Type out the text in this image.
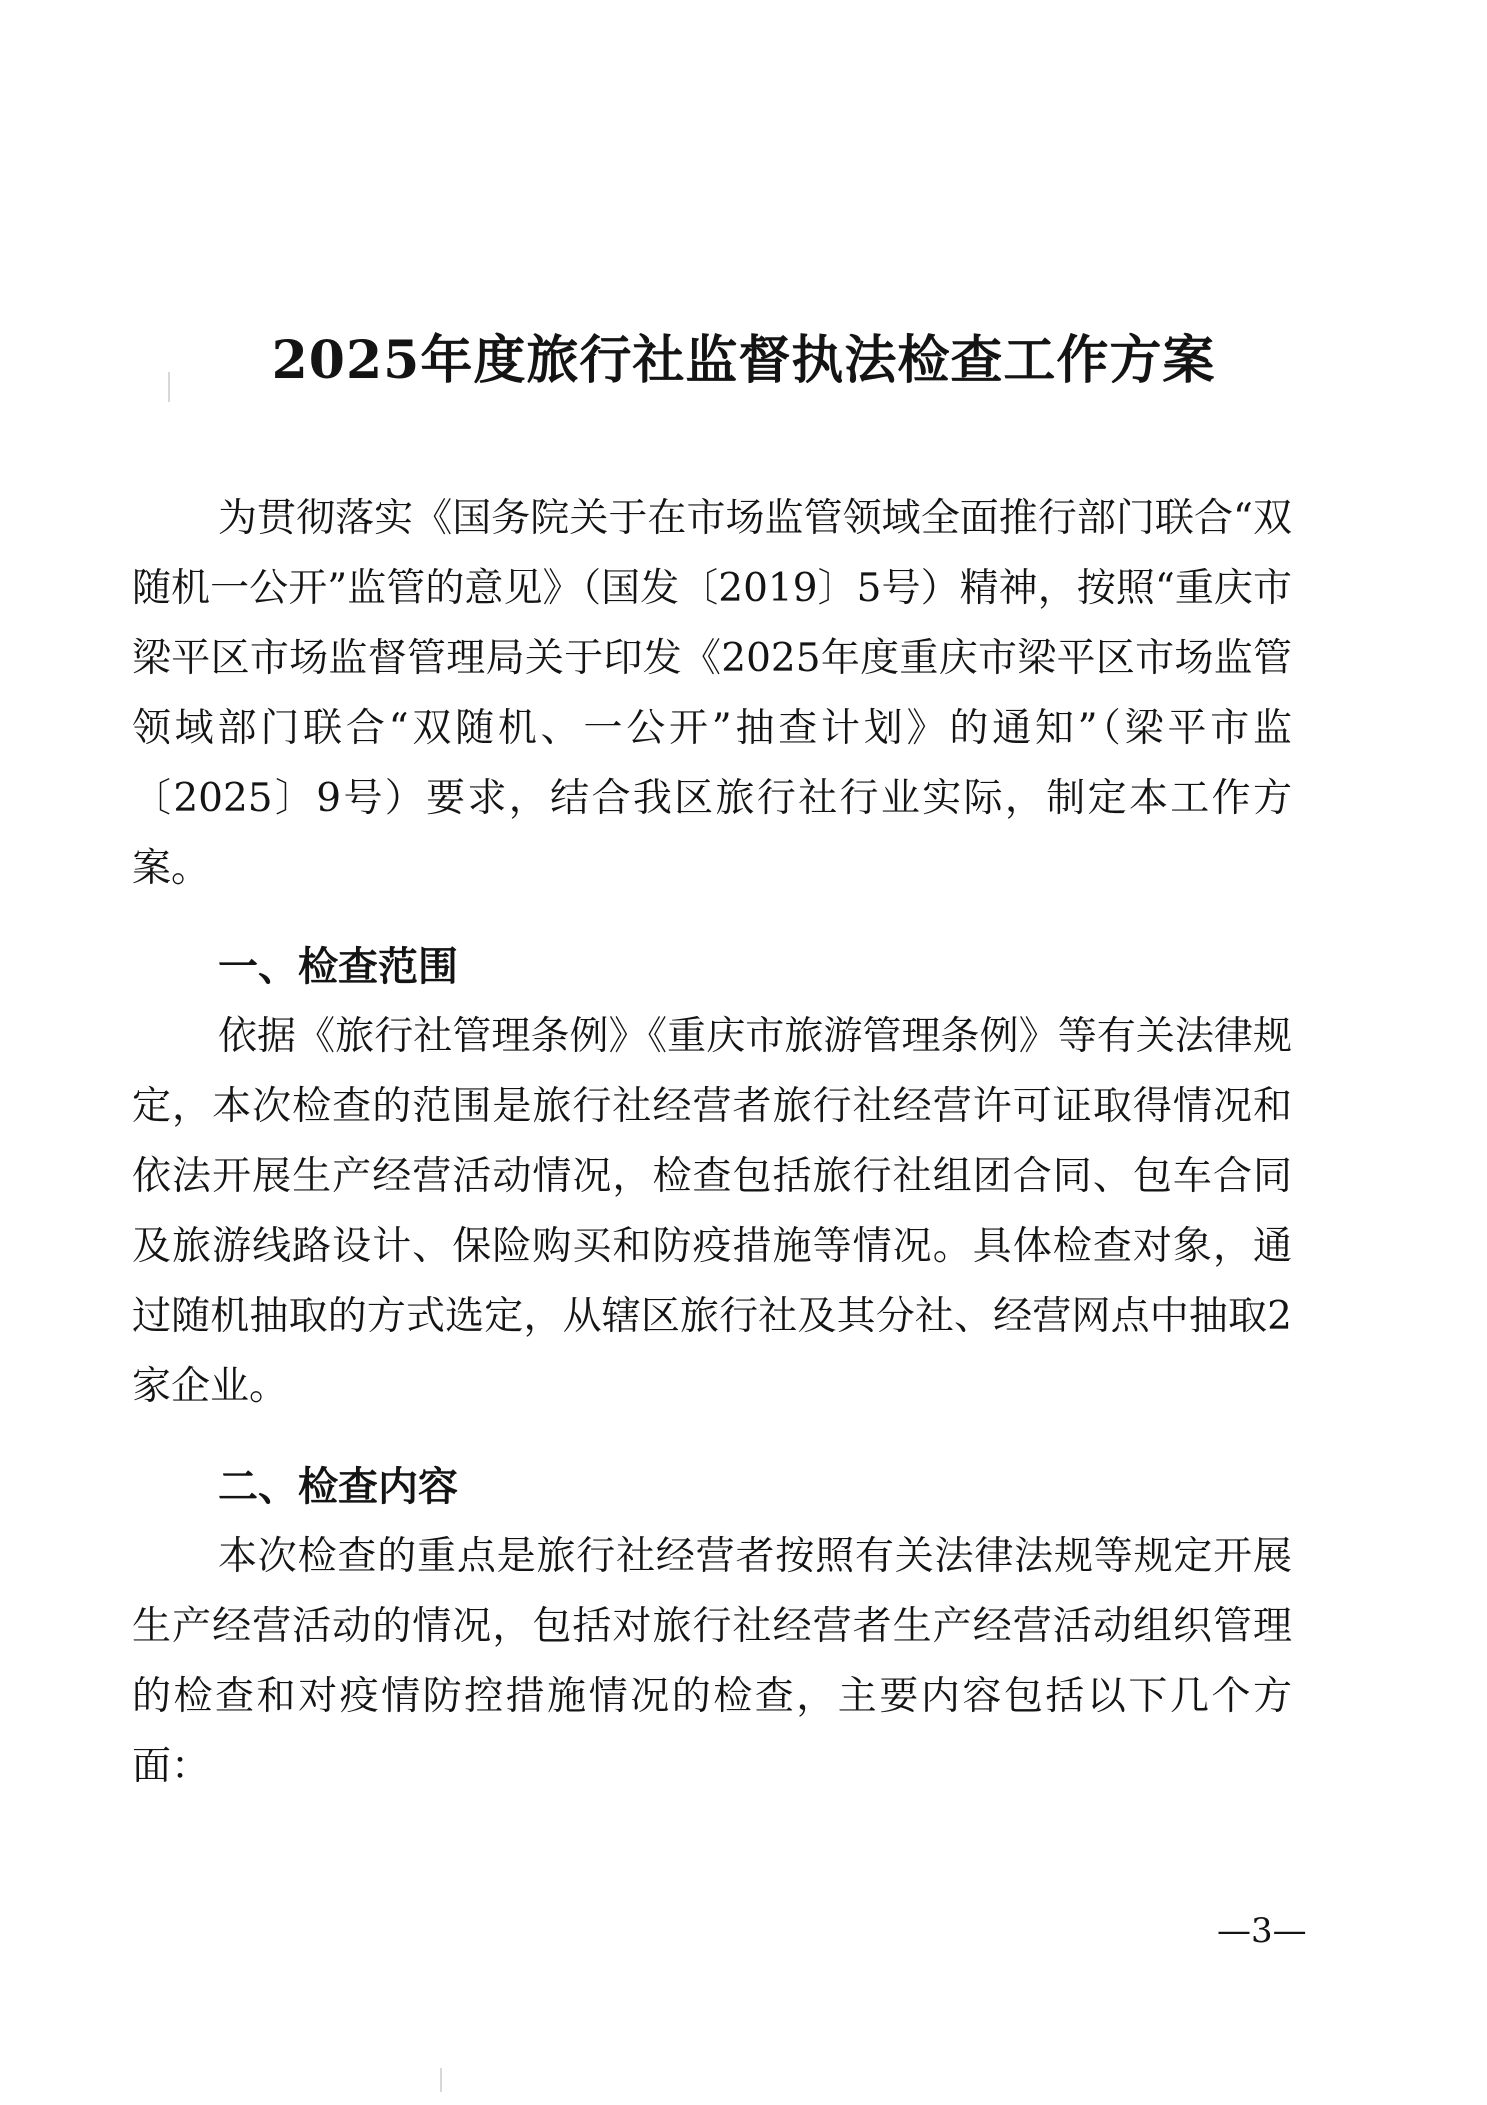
2025年度旅行社监督执法检查工作方案

为贯彻落实《国务院关于在市场监管领域全面推行部门联合“双随机一公开”监管的意见》（国发〔2019〕5号）精神，按照“重庆市梁平区市场监督管理局关于印发《2025年度重庆市梁平区市场监管领域部门联合“双随机、一公开”抽查计划》的通知”（梁平市监〔2025〕9号）要求，结合我区旅行社行业实际，制定本工作方案。

一、检查范围

依据《旅行社管理条例》《重庆市旅游管理条例》等有关法律规定，本次检查的范围是旅行社经营者旅行社经营许可证取得情况和依法开展生产经营活动情况，检查包括旅行社组团合同、包车合同及旅游线路设计、保险购买和防疫措施等情况。具体检查对象，通过随机抽取的方式选定，从辖区旅行社及其分社、经营网点中抽取2家企业。

二、检查内容

本次检查的重点是旅行社经营者按照有关法律法规等规定开展生产经营活动的情况，包括对旅行社经营者生产经营活动组织管理的检查和对疫情防控措施情况的检查，主要内容包括以下几个方面：

—3—
